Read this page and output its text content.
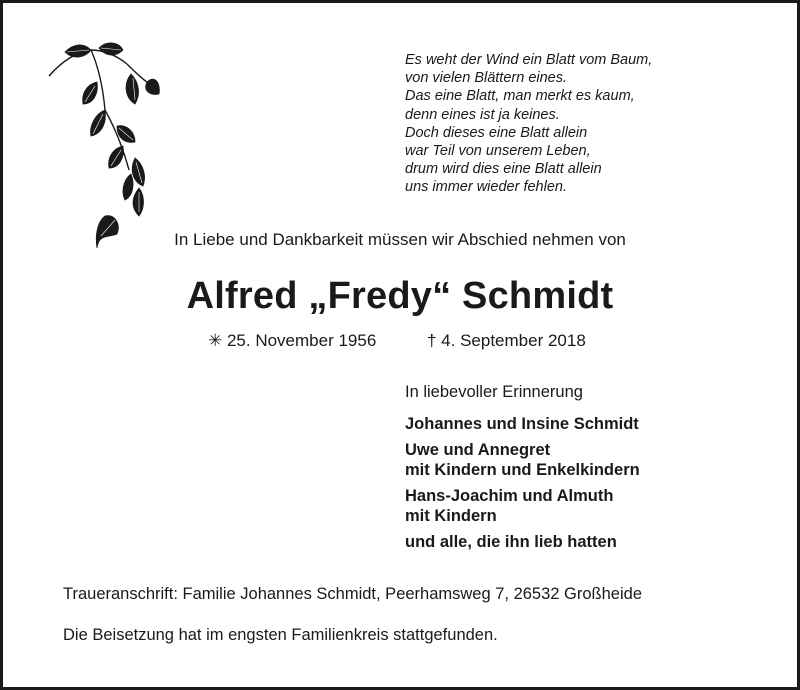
Es weht der Wind ein Blatt vom Baum,
von vielen Blättern eines.
Das eine Blatt, man merkt es kaum,
denn eines ist ja keines.
Doch dieses eine Blatt allein
war Teil von unserem Leben,
drum wird dies eine Blatt allein
uns immer wieder fehlen.
In Liebe und Dankbarkeit müssen wir Abschied nehmen von
Alfred „Fredy“ Schmidt
✳ 25. November 1956	† 4. September 2018
In liebevoller Erinnerung
Johannes und Insine Schmidt
Uwe und Annegret
mit Kindern und Enkelkindern
Hans-Joachim und Almuth
mit Kindern
und alle, die ihn lieb hatten
Traueranschrift: Familie Johannes Schmidt, Peerhamsweg 7, 26532 Großheide
Die Beisetzung hat im engsten Familienkreis stattgefunden.
